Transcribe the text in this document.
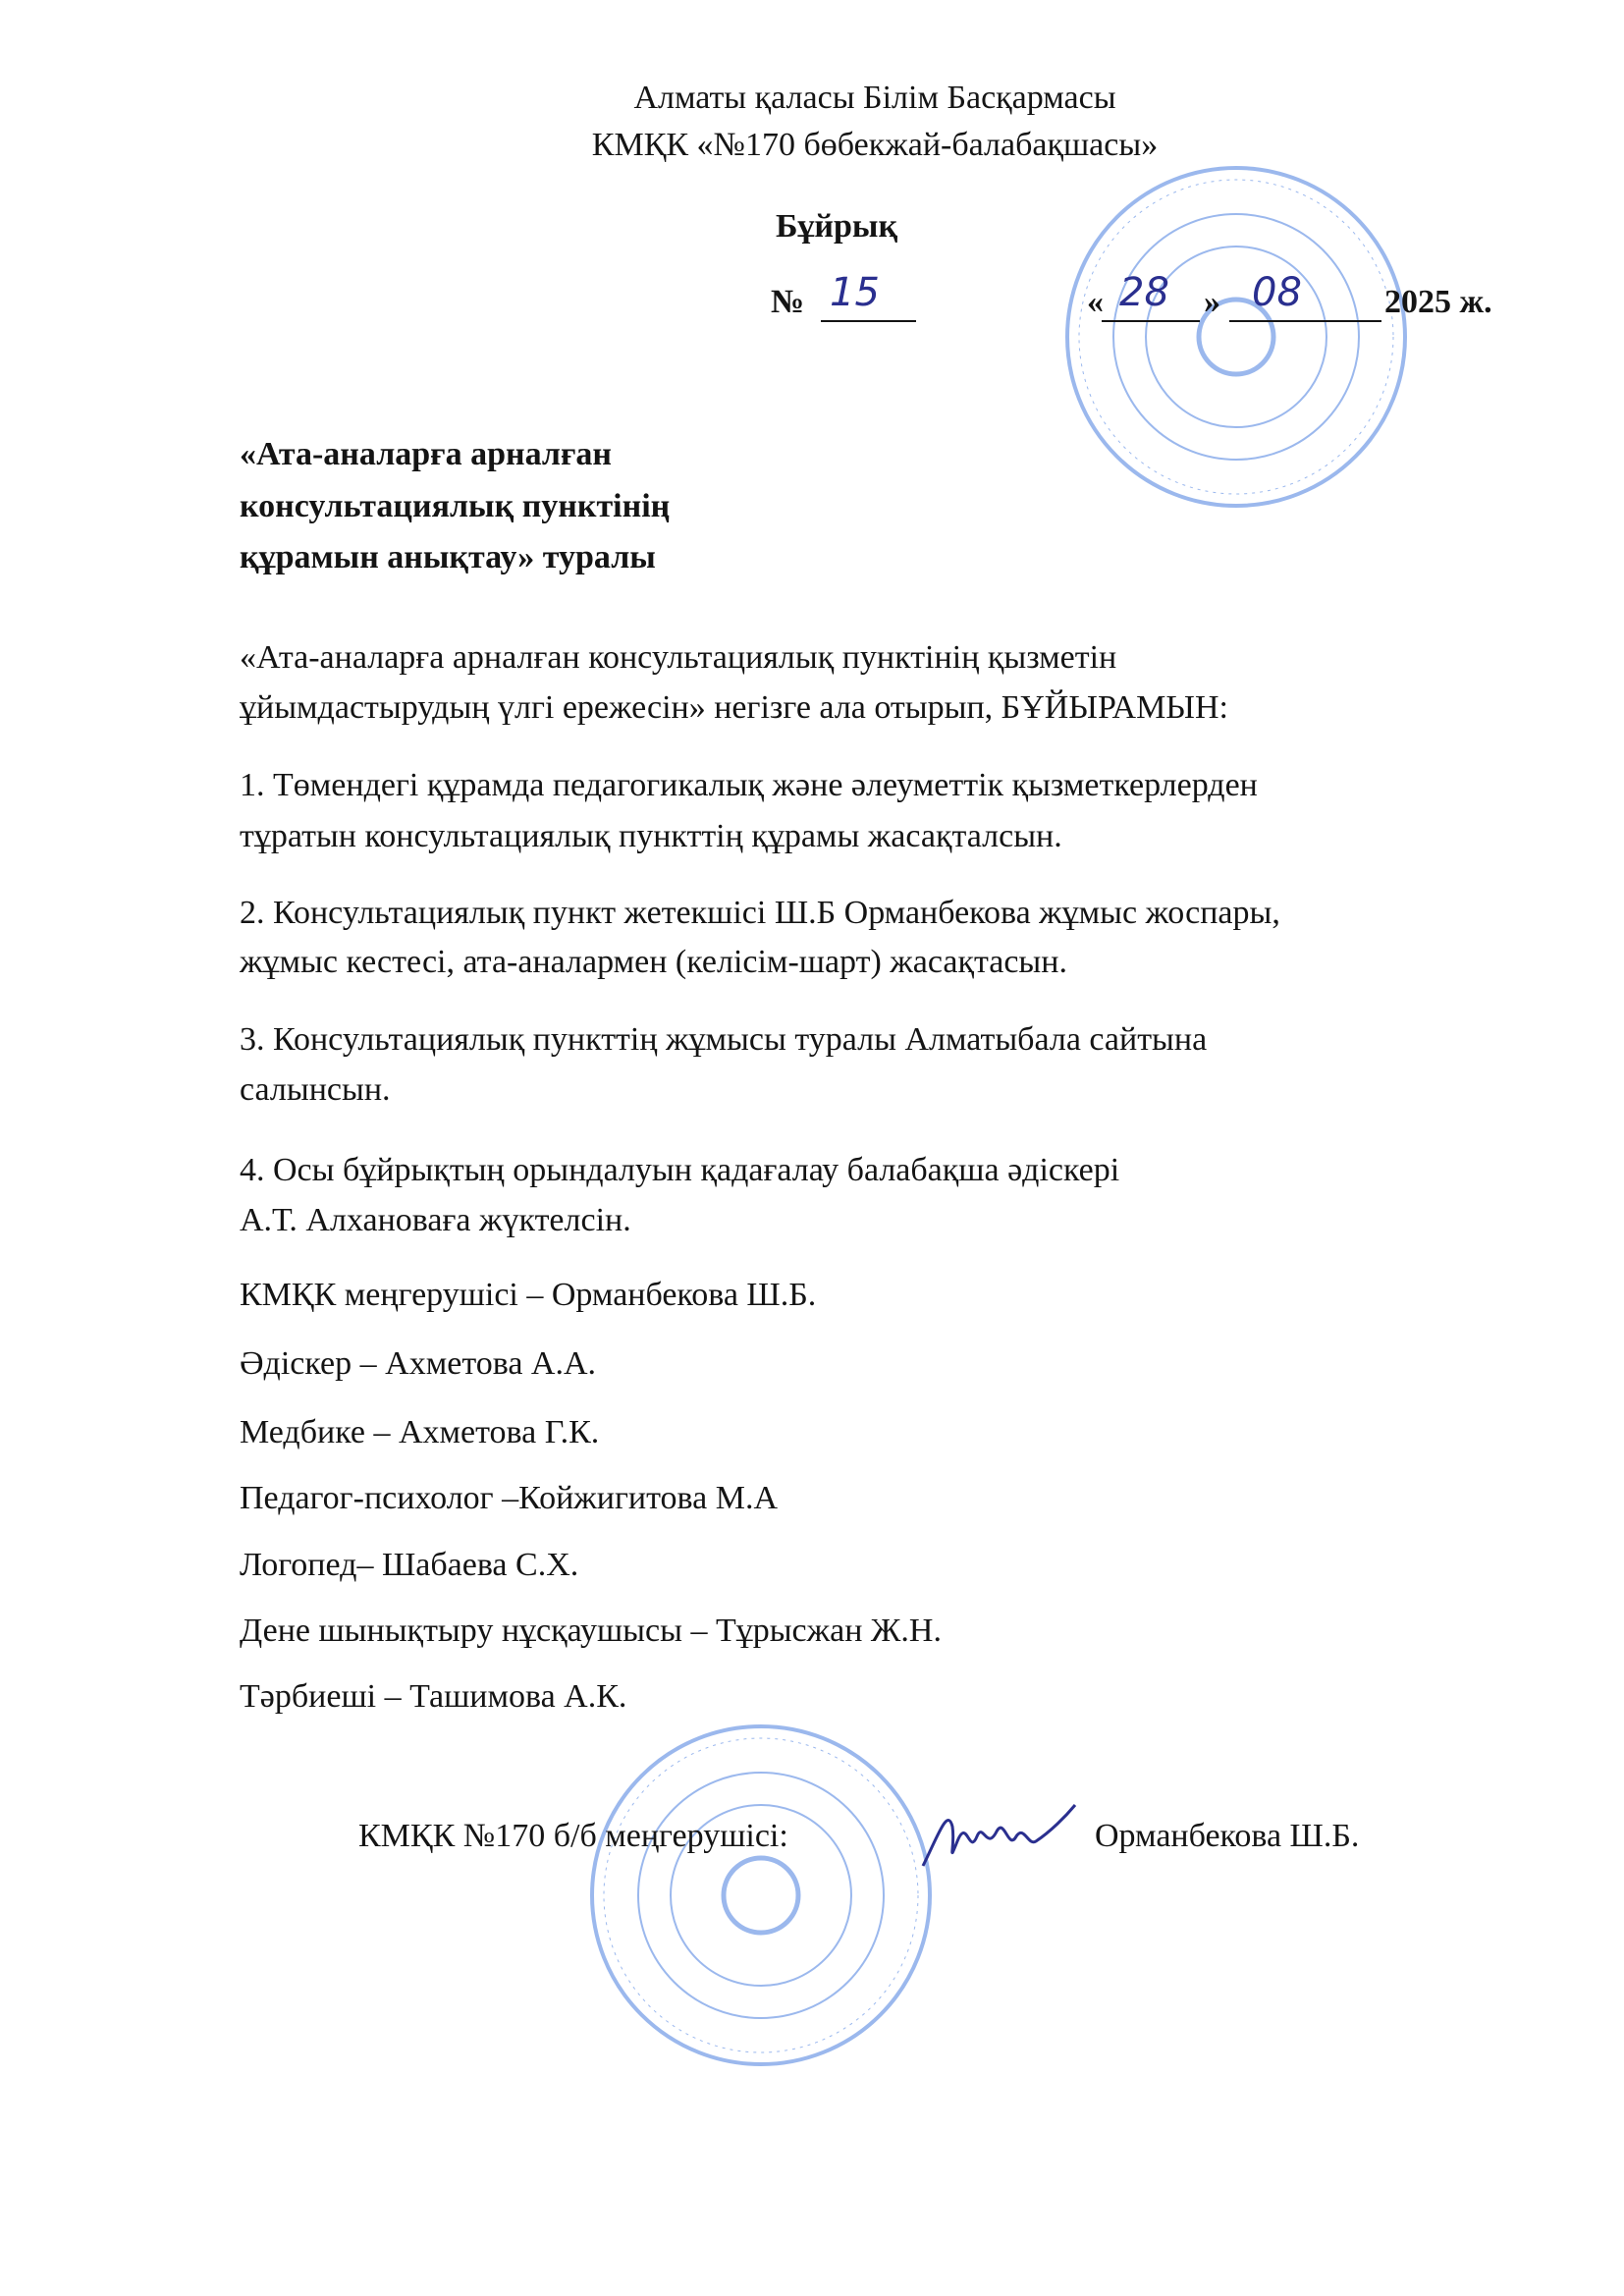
Алматы қаласы Білім Басқармасы
КМҚК «№170 бөбекжай-балабақшасы»
Бұйрық
№ 15	« 28 » 08 2025 ж.
«Ата-аналарға арналған
консультациялық пунктінің
құрамын анықтау» туралы
«Ата-аналарға арналған консультациялық пунктінің қызметін
ұйымдастырудың үлгі ережесін» негізге ала отырып, БҰЙЫРАМЫН:
1. Төмендегі құрамда педагогикалық және әлеуметтік қызметкерлерден
тұратын консультациялық пункттің құрамы жасақталсын.
2. Консультациялық пункт жетекшісі Ш.Б Орманбекова жұмыс жоспары,
жұмыс кестесі, ата-аналармен (келісім-шарт) жасақтасын.
3. Консультациялық пункттің жұмысы туралы Алматыбала сайтына
салынсын.
4. Осы бұйрықтың орындалуын қадағалау балабақша әдіскері
А.Т. Алхановаға жүктелсін.
КМҚК меңгерушісі – Орманбекова Ш.Б.
Әдіскер – Ахметова А.А.
Медбике – Ахметова Г.К.
Педагог-психолог –Койжигитова М.А
Логопед– Шабаева С.Х.
Дене шынықтыру нұсқаушысы – Тұрысжан Ж.Н.
Тәрбиеші – Ташимова А.К.
КМҚК №170 б/б меңгерушісі:	Орманбекова Ш.Б.
